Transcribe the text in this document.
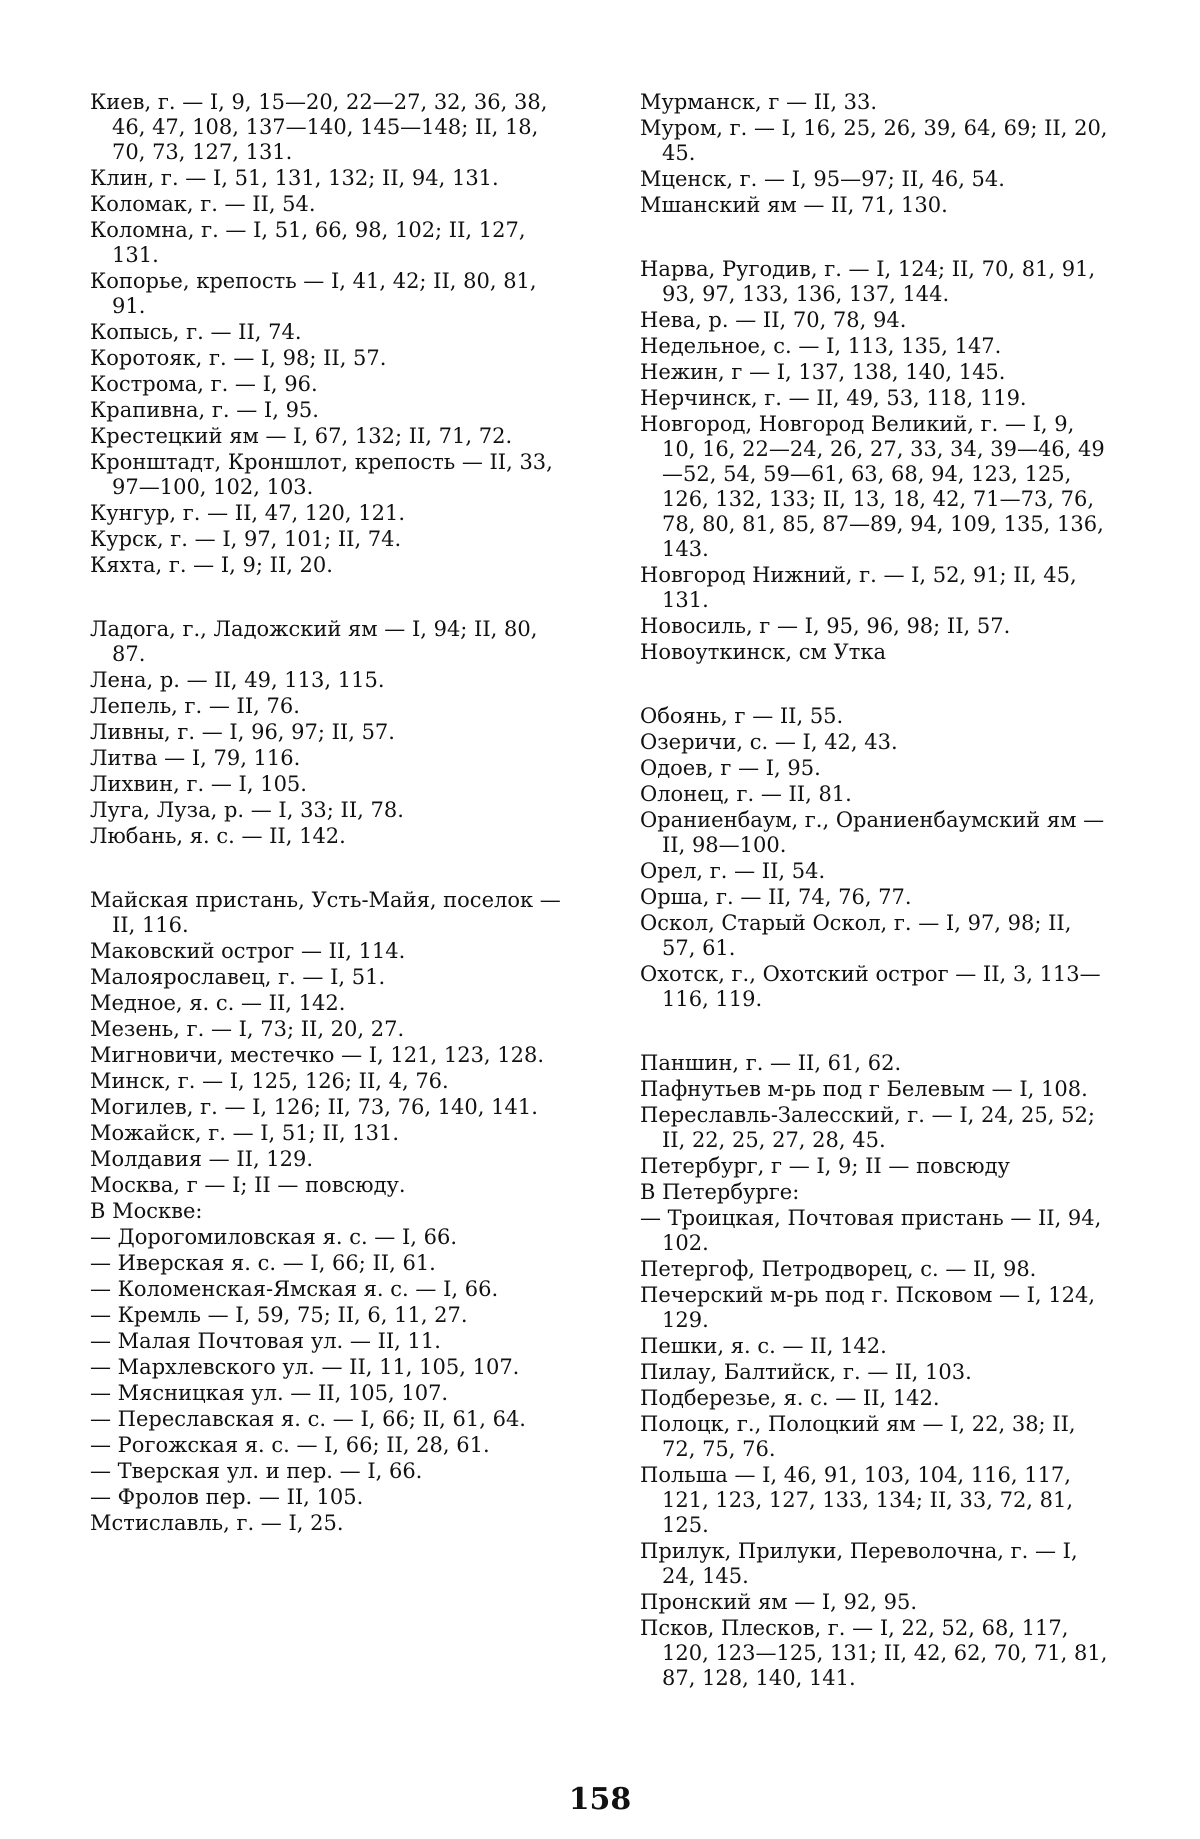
Киев, г. — I, 9, 15—20, 22—27, 32, 36, 38, 46, 47, 108, 137—140, 145—148; II, 18, 70, 73, 127, 131.
Клин, г. — I, 51, 131, 132; II, 94, 131.
Коломак, г. — II, 54.
Коломна, г. — I, 51, 66, 98, 102; II, 127, 131.
Копорье, крепость — I, 41, 42; II, 80, 81, 91.
Копысь, г. — II, 74.
Коротояк, г. — I, 98; II, 57.
Кострома, г. — I, 96.
Крапивна, г. — I, 95.
Крестецкий ям — I, 67, 132; II, 71, 72.
Кронштадт, Кроншлот, крепость — II, 33, 97—100, 102, 103.
Кунгур, г. — II, 47, 120, 121.
Курск, г. — I, 97, 101; II, 74.
Кяхта, г. — I, 9; II, 20.
Ладога, г., Ладожский ям — I, 94; II, 80, 87.
Лена, р. — II, 49, 113, 115.
Лепель, г. — II, 76.
Ливны, г. — I, 96, 97; II, 57.
Литва — I, 79, 116.
Лихвин, г. — I, 105.
Луга, Луза, р. — I, 33; II, 78.
Любань, я. с. — II, 142.
Майская пристань, Усть-Майя, поселок — II, 116.
Маковский острог — II, 114.
Малоярославец, г. — I, 51.
Медное, я. с. — II, 142.
Мезень, г. — I, 73; II, 20, 27.
Мигновичи, местечко — I, 121, 123, 128.
Минск, г. — I, 125, 126; II, 4, 76.
Могилев, г. — I, 126; II, 73, 76, 140, 141.
Можайск, г. — I, 51; II, 131.
Молдавия — II, 129.
Москва, г — I; II — повсюду.
В Москве:
— Дорогомиловская я. с. — I, 66.
— Иверская я. с. — I, 66; II, 61.
— Коломенская-Ямская я. с. — I, 66.
— Кремль — I, 59, 75; II, 6, 11, 27.
— Малая Почтовая ул. — II, 11.
— Мархлевского ул. — II, 11, 105, 107.
— Мясницкая ул. — II, 105, 107.
— Переславская я. с. — I, 66; II, 61, 64.
— Рогожская я. с. — I, 66; II, 28, 61.
— Тверская ул. и пер. — I, 66.
— Фролов пер. — II, 105.
Мстиславль, г. — I, 25.
Мурманск, г — II, 33.
Муром, г. — I, 16, 25, 26, 39, 64, 69; II, 20, 45.
Мценск, г. — I, 95—97; II, 46, 54.
Мшанский ям — II, 71, 130.
Нарва, Ругодив, г. — I, 124; II, 70, 81, 91, 93, 97, 133, 136, 137, 144.
Нева, р. — II, 70, 78, 94.
Недельное, с. — I, 113, 135, 147.
Нежин, г — I, 137, 138, 140, 145.
Нерчинск, г. — II, 49, 53, 118, 119.
Новгород, Новгород Великий, г. — I, 9, 10, 16, 22—24, 26, 27, 33, 34, 39—46, 49—52, 54, 59—61, 63, 68, 94, 123, 125, 126, 132, 133; II, 13, 18, 42, 71—73, 76, 78, 80, 81, 85, 87—89, 94, 109, 135, 136, 143.
Новгород Нижний, г. — I, 52, 91; II, 45, 131.
Новосиль, г — I, 95, 96, 98; II, 57.
Новоуткинск, см Утка
Обоянь, г — II, 55.
Озеричи, с. — I, 42, 43.
Одоев, г — I, 95.
Олонец, г. — II, 81.
Ораниенбаум, г., Ораниенбаумский ям — II, 98—100.
Орел, г. — II, 54.
Орша, г. — II, 74, 76, 77.
Оскол, Старый Оскол, г. — I, 97, 98; II, 57, 61.
Охотск, г., Охотский острог — II, 3, 113—116, 119.
Паншин, г. — II, 61, 62.
Пафнутьев м-рь под г Белевым — I, 108.
Переславль-Залесский, г. — I, 24, 25, 52; II, 22, 25, 27, 28, 45.
Петербург, г — I, 9; II — повсюду
В Петербурге:
— Троицкая, Почтовая пристань — II, 94, 102.
Петергоф, Петродворец, с. — II, 98.
Печерский м-рь под г. Псковом — I, 124, 129.
Пешки, я. с. — II, 142.
Пилау, Балтийск, г. — II, 103.
Подберезье, я. с. — II, 142.
Полоцк, г., Полоцкий ям — I, 22, 38; II, 72, 75, 76.
Польша — I, 46, 91, 103, 104, 116, 117, 121, 123, 127, 133, 134; II, 33, 72, 81, 125.
Прилук, Прилуки, Переволочна, г. — I, 24, 145.
Пронский ям — I, 92, 95.
Псков, Плесков, г. — I, 22, 52, 68, 117, 120, 123—125, 131; II, 42, 62, 70, 71, 81, 87, 128, 140, 141.
158
